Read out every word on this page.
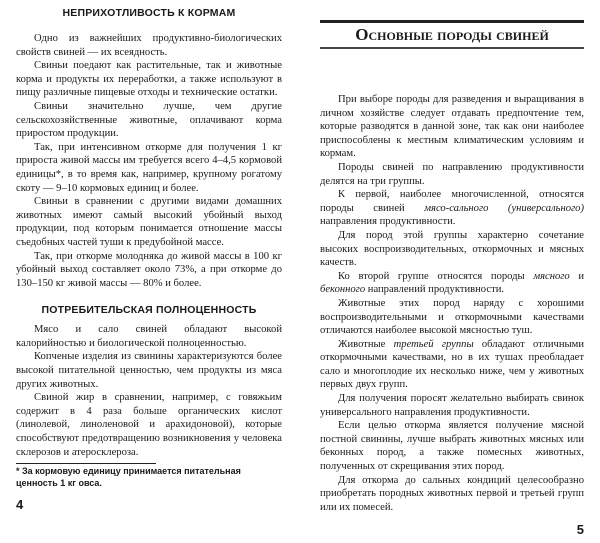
НЕПРИХОТЛИВОСТЬ К КОРМАМ

Одно из важнейших продуктивно-биологических свойств свиней — их всеядность.

Свиньи поедают как растительные, так и животные корма и продукты их переработки, а также используют в пищу различные пищевые отходы и технические остатки.

Свиньи значительно лучше, чем другие сельскохозяйственные животные, оплачивают корма приростом продукции.

Так, при интенсивном откорме для получения 1 кг прироста живой массы им требуется всего 4–4,5 кормовой единицы*, в то время как, например, крупному рогатому скоту — 9–10 кормовых единиц и более.

Свиньи в сравнении с другими видами домашних животных имеют самый высокий убойный выход продукции, под которым понимается отношение массы съедобных частей туши к предубойной массе.

Так, при откорме молодняка до живой массы в 100 кг убойный выход составляет около 73%, а при откорме до 130–150 кг живой массы — 80% и более.

ПОТРЕБИТЕЛЬСКАЯ ПОЛНОЦЕННОСТЬ

Мясо и сало свиней обладают высокой калорийностью и биологической полноценностью.

Копченые изделия из свинины характеризуются более высокой питательной ценностью, чем продукты из мяса других животных.

Свиной жир в сравнении, например, с говяжьим содержит в 4 раза больше органических кислот (линолевой, линоленовой и арахидоновой), которые способствуют предотвращению возникновения у человека склерозов и атеросклероза.

* За кормовую единицу принимается питательная ценность 1 кг овса.
4
Основные породы свиней

При выборе породы для разведения и выращивания в личном хозяйстве следует отдавать предпочтение тем, которые разводятся в данной зоне, так как они наиболее приспособлены к местным климатическим условиям и кормам.

Породы свиней по направлению продуктивности делятся на три группы.

К первой, наиболее многочисленной, относятся породы свиней мясо-сального (универсального) направления продуктивности.

Для пород этой группы характерно сочетание высоких воспроизводительных, откормочных и мясных качеств.

Ко второй группе относятся породы мясного и беконного направлений продуктивности.

Животные этих пород наряду с хорошими воспроизводительными и откормочными качествами отличаются наиболее высокой мясностью туш.

Животные третьей группы обладают отличными откормочными качествами, но в их тушах преобладает сало и многоплодие их несколько ниже, чем у животных первых двух групп.

Для получения поросят желательно выбирать свинок универсального направления продуктивности.

Если целью откорма является получение мясной постной свинины, лучше выбрать животных мясных или беконных пород, а также помесных животных, полученных от скрещивания этих пород.

Для откорма до сальных кондиций целесообразно приобретать породных животных первой и третьей групп или их помесей.

5
